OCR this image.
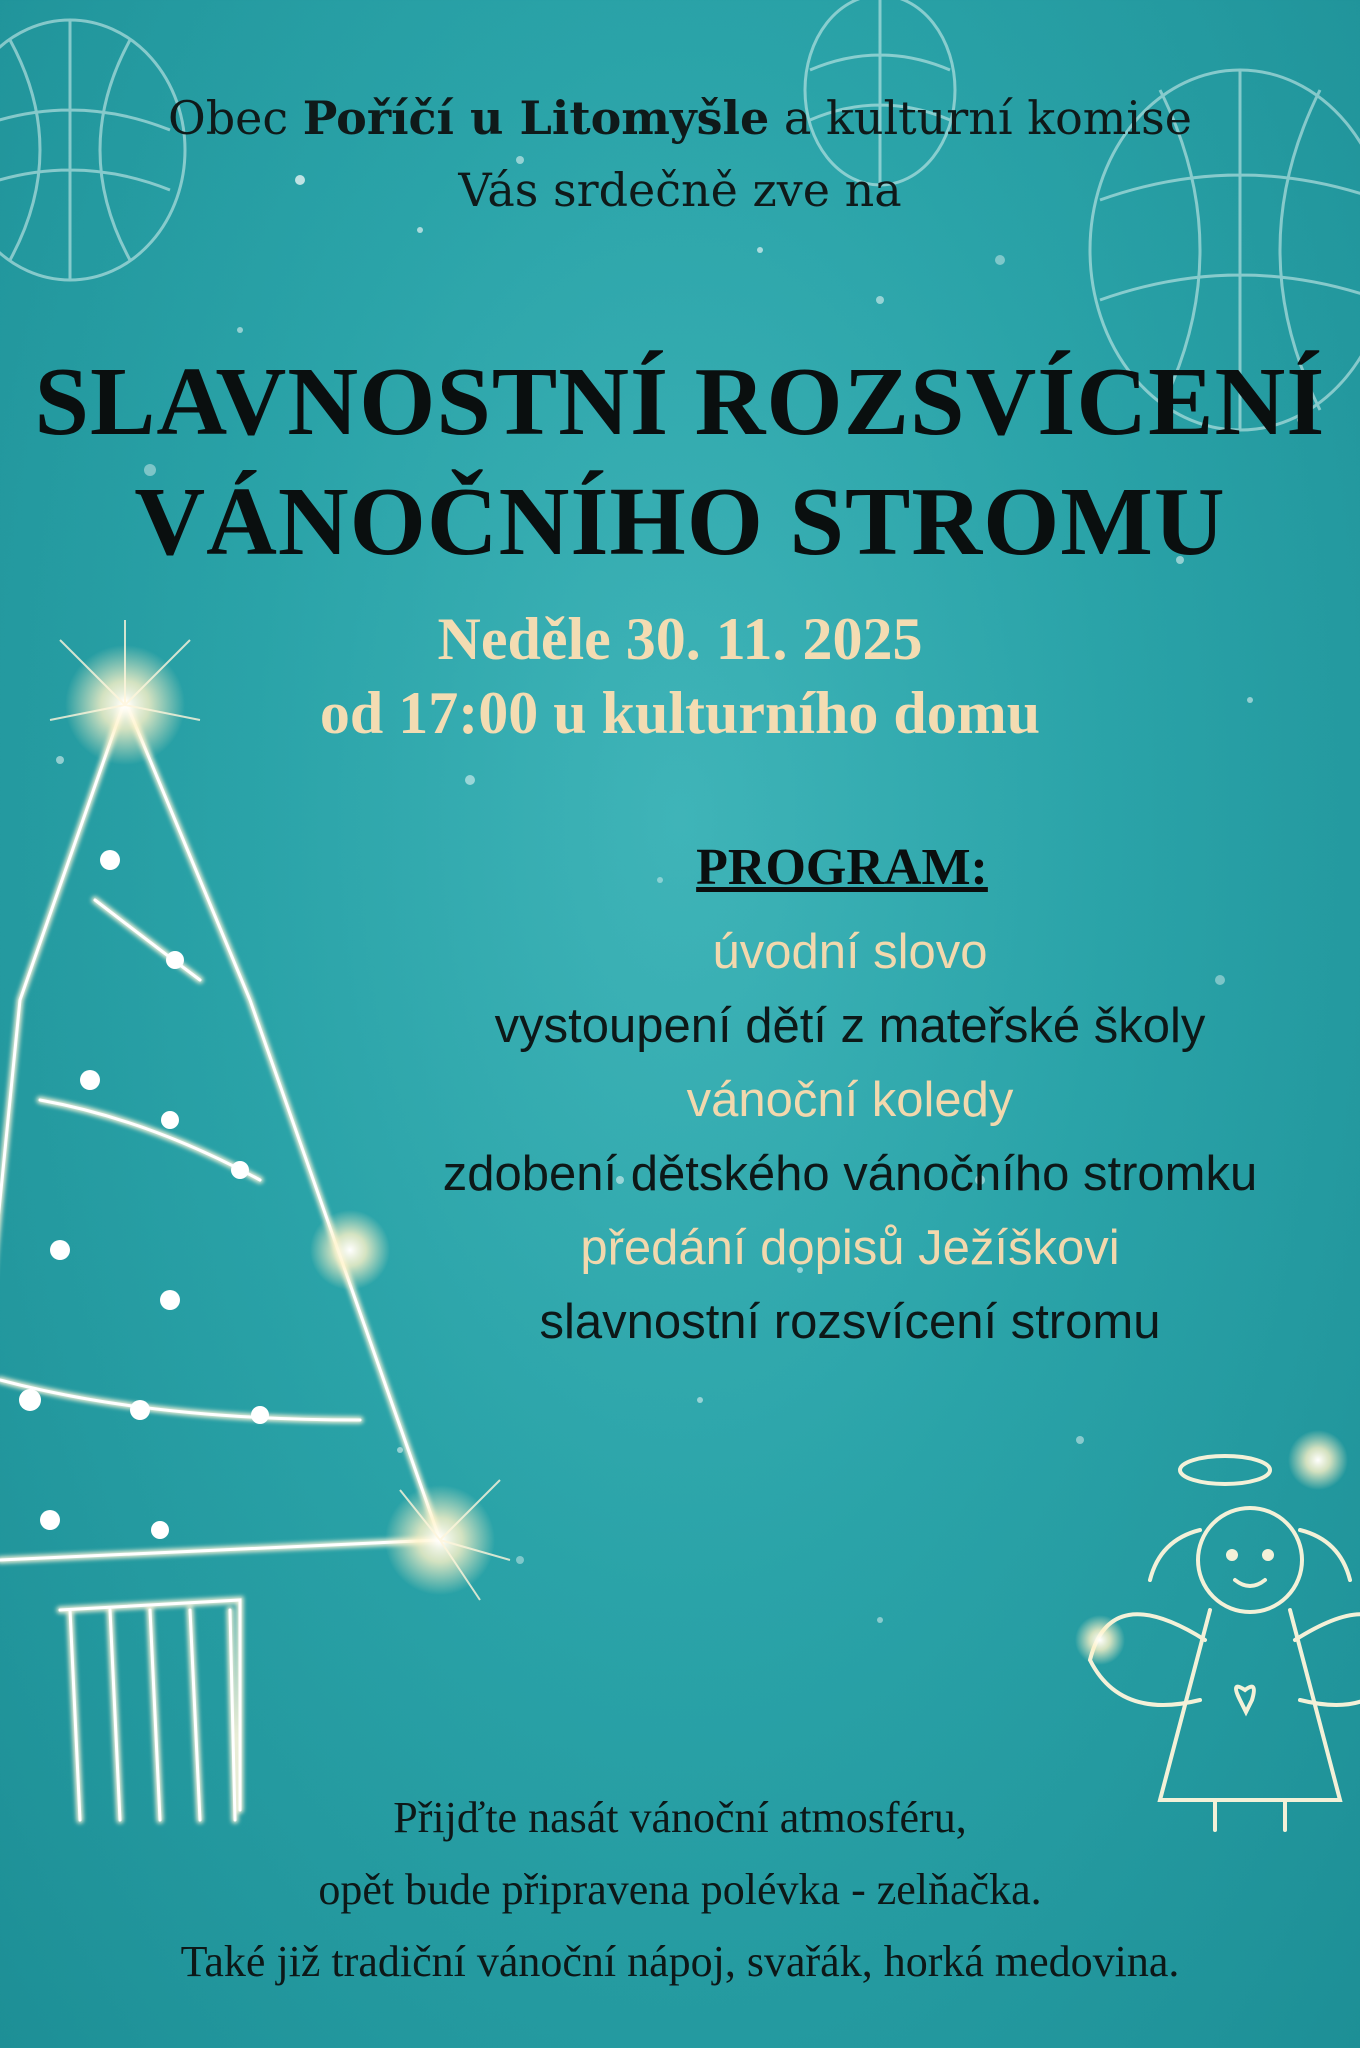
Obec Poříčí u Litomyšle a kulturní komise

Vás srdečně zve na

SLAVNOSTNÍ ROZSVÍCENÍ

VÁNOČNÍHO STROMU

Neděle 30. 11. 2025

od 17:00 u kulturního domu

PROGRAM:

úvodní slovo
vystoupení dětí z mateřské školy
vánoční koledy
zdobení dětského vánočního stromku
předání dopisů Ježíškovi
slavnostní rozsvícení stromu

Přijďte nasát vánoční atmosféru,

opět bude připravena polévka - zelňačka.

Také již tradiční vánoční nápoj, svařák, horká medovina.
